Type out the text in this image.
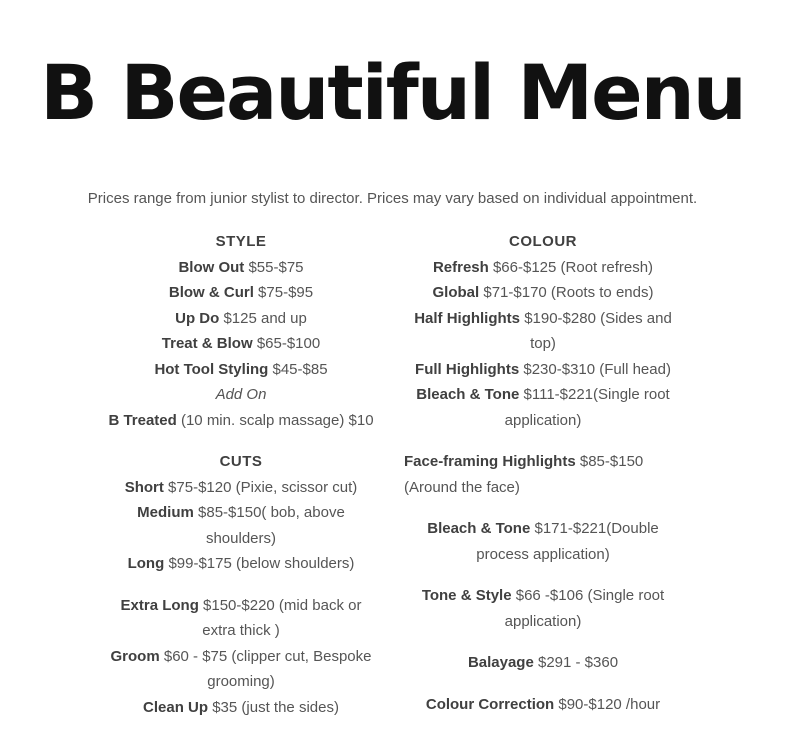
B Beautiful Menu

Prices range from junior stylist to director. Prices may vary based on individual appointment.

STYLE

Blow Out $55-$75

Blow & Curl $75-$95

Up Do $125 and up

Treat & Blow $65-$100

Hot Tool Styling $45-$85

Add On

B Treated (10 min. scalp massage) $10

CUTS

Short $75-$120 (Pixie, scissor cut)

Medium $85-$150( bob, above shoulders)

Long $99-$175 (below shoulders)

Extra Long $150-$220 (mid back or extra thick )

Groom $60 - $75 (clipper cut, Bespoke grooming)

Clean Up $35 (just the sides)

COLOUR

Refresh $66-$125 (Root refresh)

Global $71-$170 (Roots to ends)

Half Highlights $190-$280 (Sides and top)

Full Highlights $230-$310 (Full head)

Bleach & Tone $111-$221(Single root application)

Face-framing Highlights $85-$150 (Around the face)

Bleach & Tone $171-$221(Double process application)

Tone & Style $66 -$106 (Single root application)

Balayage $291 - $360

Colour Correction $90-$120 /hour
